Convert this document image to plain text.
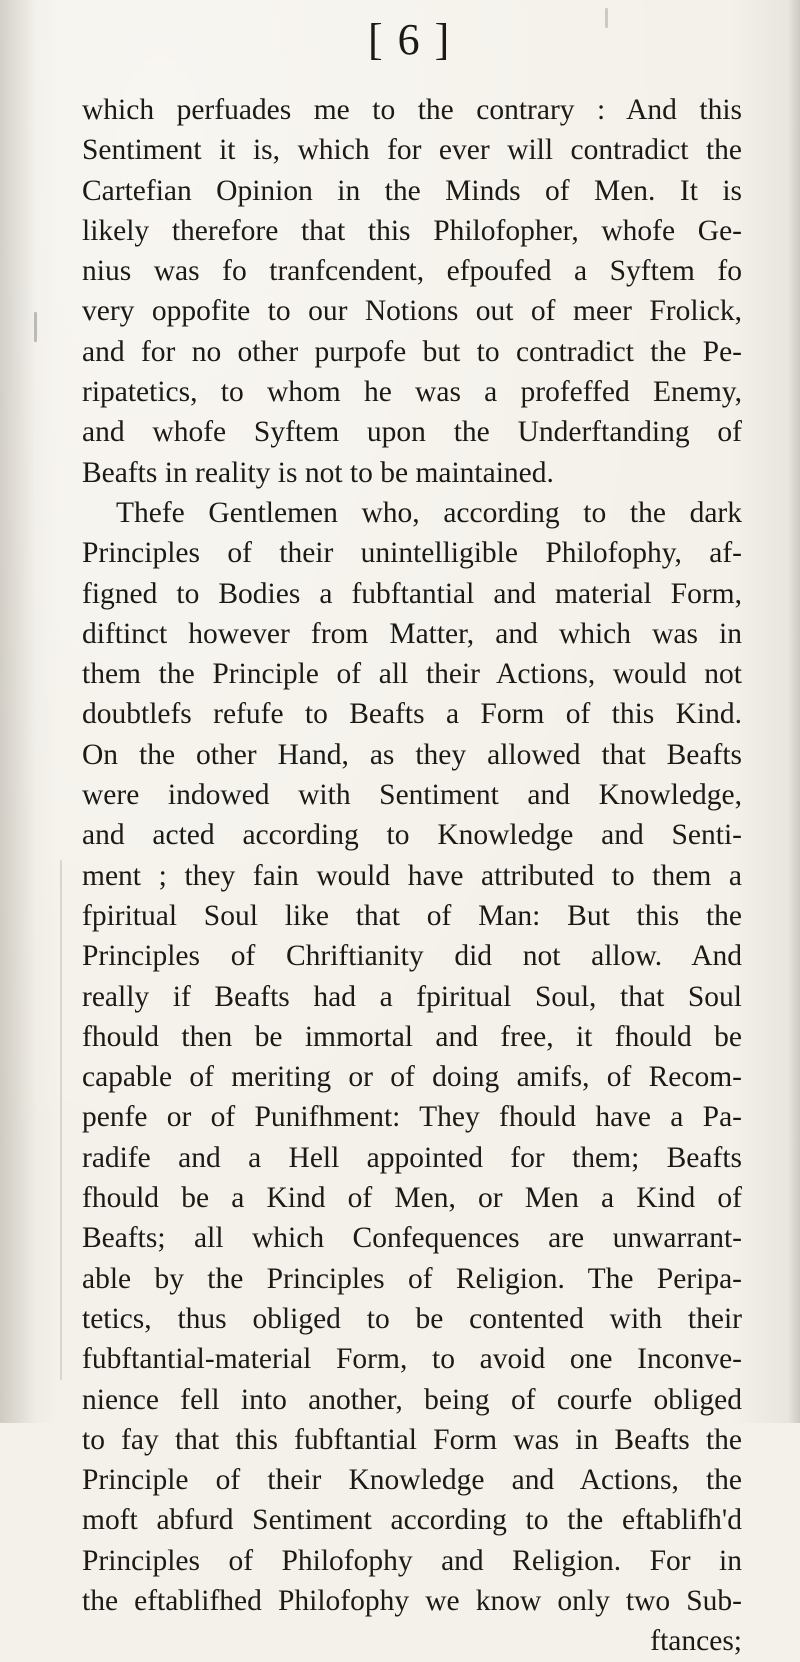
[ 6 ]
which perfuades me to the contrary : And this
Sentiment it is, which for ever will contradict the
Cartefian Opinion in the Minds of Men. It is
likely therefore that this Philofopher, whofe Ge-
nius was fo tranfcendent, efpoufed a Syftem fo
very oppofite to our Notions out of meer Frolick,
and for no other purpofe but to contradict the Pe-
ripatetics, to whom he was a profeffed Enemy,
and whofe Syftem upon the Underftanding of
Beafts in reality is not to be maintained.
Thefe Gentlemen who, according to the dark
Principles of their unintelligible Philofophy, af-
figned to Bodies a fubftantial and material Form,
diftinct however from Matter, and which was in
them the Principle of all their Actions, would not
doubtlefs refufe to Beafts a Form of this Kind.
On the other Hand, as they allowed that Beafts
were indowed with Sentiment and Knowledge,
and acted according to Knowledge and Senti-
ment ; they fain would have attributed to them a
fpiritual Soul like that of Man: But this the
Principles of Chriftianity did not allow. And
really if Beafts had a fpiritual Soul, that Soul
fhould then be immortal and free, it fhould be
capable of meriting or of doing amifs, of Recom-
penfe or of Punifhment: They fhould have a Pa-
radife and a Hell appointed for them; Beafts
fhould be a Kind of Men, or Men a Kind of
Beafts; all which Confequences are unwarrant-
able by the Principles of Religion. The Peripa-
tetics, thus obliged to be contented with their
fubftantial-material Form, to avoid one Inconve-
nience fell into another, being of courfe obliged
to fay that this fubftantial Form was in Beafts the
Principle of their Knowledge and Actions, the
moft abfurd Sentiment according to the eftablifh'd
Principles of Philofophy and Religion. For in
the eftablifhed Philofophy we know only two Sub-
ftances;
